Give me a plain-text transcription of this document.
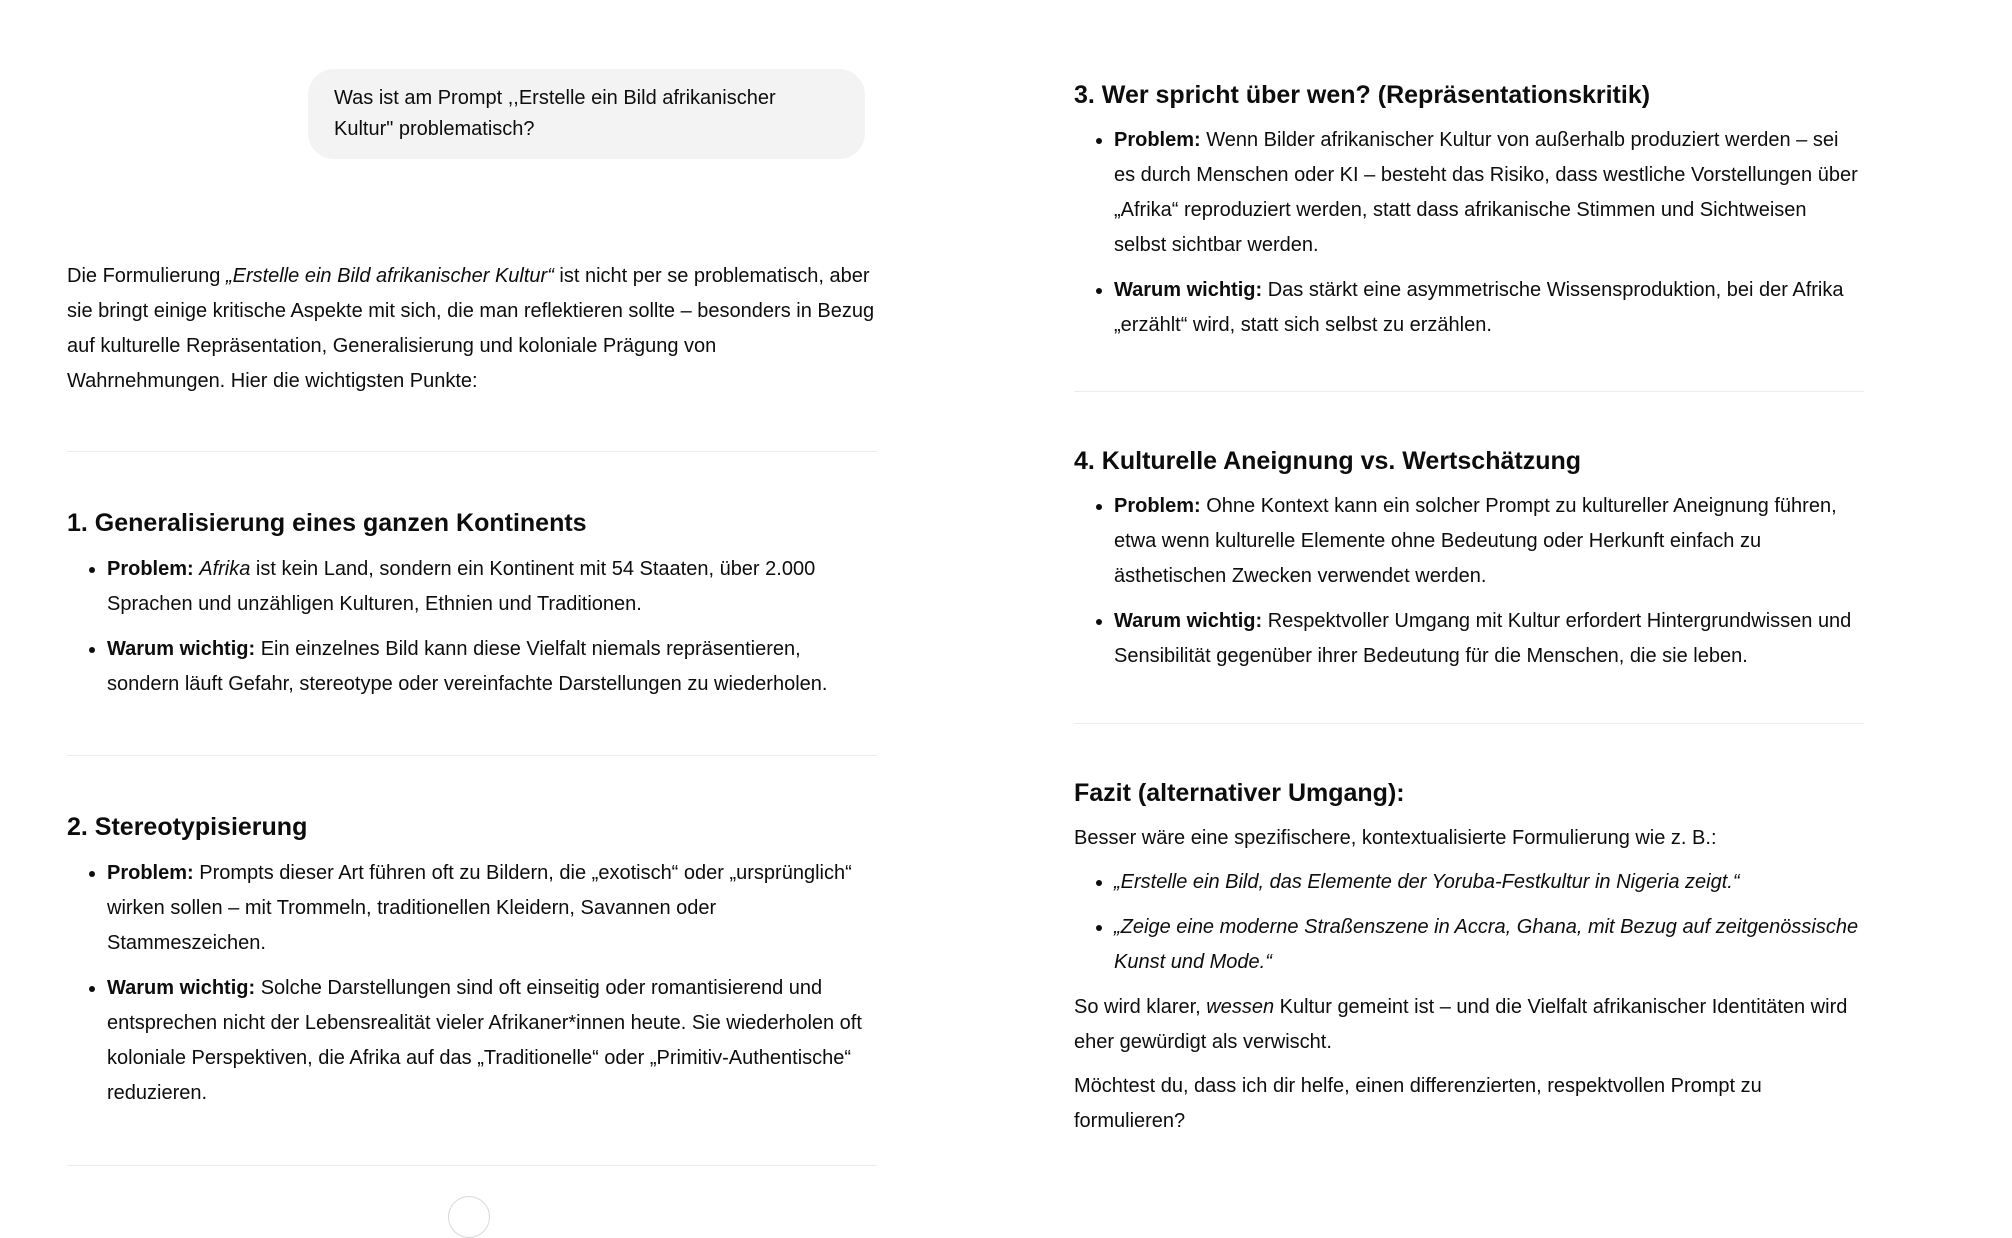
Was ist am Prompt ,,Erstelle ein Bild afrikanischer Kultur" problematisch?

Die Formulierung „Erstelle ein Bild afrikanischer Kultur“ ist nicht per se problematisch, aber sie bringt einige kritische Aspekte mit sich, die man reflektieren sollte – besonders in Bezug auf kulturelle Repräsentation, Generalisierung und koloniale Prägung von Wahrnehmungen. Hier die wichtigsten Punkte:

1. Generalisierung eines ganzen Kontinents
• Problem: Afrika ist kein Land, sondern ein Kontinent mit 54 Staaten, über 2.000 Sprachen und unzähligen Kulturen, Ethnien und Traditionen.
• Warum wichtig: Ein einzelnes Bild kann diese Vielfalt niemals repräsentieren, sondern läuft Gefahr, stereotype oder vereinfachte Darstellungen zu wiederholen.
2. Stereotypisierung
• Problem: Prompts dieser Art führen oft zu Bildern, die „exotisch“ oder „ursprünglich“ wirken sollen – mit Trommeln, traditionellen Kleidern, Savannen oder Stammeszeichen.
• Warum wichtig: Solche Darstellungen sind oft einseitig oder romantisierend und entsprechen nicht der Lebensrealität vieler Afrikaner*innen heute. Sie wiederholen oft koloniale Perspektiven, die Afrika auf das „Traditionelle“ oder „Primitiv-Authentische“ reduzieren.
3. Wer spricht über wen? (Repräsentationskritik)
• Problem: Wenn Bilder afrikanischer Kultur von außerhalb produziert werden – sei es durch Menschen oder KI – besteht das Risiko, dass westliche Vorstellungen über „Afrika“ reproduziert werden, statt dass afrikanische Stimmen und Sichtweisen selbst sichtbar werden.
• Warum wichtig: Das stärkt eine asymmetrische Wissensproduktion, bei der Afrika „erzählt“ wird, statt sich selbst zu erzählen.
4. Kulturelle Aneignung vs. Wertschätzung
• Problem: Ohne Kontext kann ein solcher Prompt zu kultureller Aneignung führen, etwa wenn kulturelle Elemente ohne Bedeutung oder Herkunft einfach zu ästhetischen Zwecken verwendet werden.
• Warum wichtig: Respektvoller Umgang mit Kultur erfordert Hintergrundwissen und Sensibilität gegenüber ihrer Bedeutung für die Menschen, die sie leben.
Fazit (alternativer Umgang):

Besser wäre eine spezifischere, kontextualisierte Formulierung wie z. B.:

• „Erstelle ein Bild, das Elemente der Yoruba-Festkultur in Nigeria zeigt.“
• „Zeige eine moderne Straßenszene in Accra, Ghana, mit Bezug auf zeitgenössische Kunst und Mode.“

So wird klarer, wessen Kultur gemeint ist – und die Vielfalt afrikanischer Identitäten wird eher gewürdigt als verwischt.

Möchtest du, dass ich dir helfe, einen differenzierten, respektvollen Prompt zu formulieren?
